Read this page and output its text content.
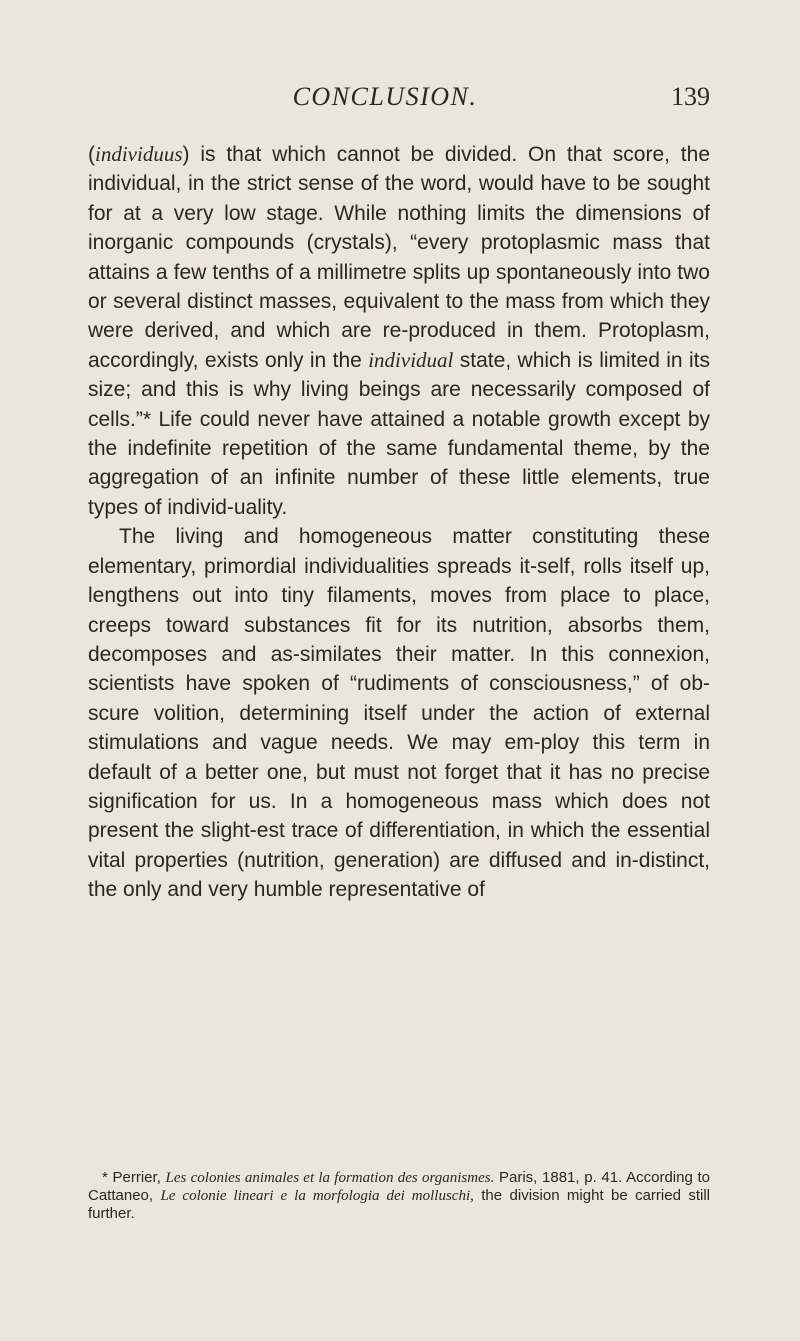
CONCLUSION.	139

(individuus) is that which cannot be divided. On that score, the individual, in the strict sense of the word, would have to be sought for at a very low stage. While nothing limits the dimensions of inorganic compounds (crystals), “every protoplasmic mass that attains a few tenths of a millimetre splits up spontaneously into two or several distinct masses, equivalent to the mass from which they were derived, and which are re-produced in them. Protoplasm, accordingly, exists only in the individual state, which is limited in its size; and this is why living beings are necessarily composed of cells.”* Life could never have attained a notable growth except by the indefinite repetition of the same fundamental theme, by the aggregation of an infinite number of these little elements, true types of individ-uality.

The living and homogeneous matter constituting these elementary, primordial individualities spreads it-self, rolls itself up, lengthens out into tiny filaments, moves from place to place, creeps toward substances fit for its nutrition, absorbs them, decomposes and as-similates their matter. In this connexion, scientists have spoken of “rudiments of consciousness,” of ob-scure volition, determining itself under the action of external stimulations and vague needs. We may em-ploy this term in default of a better one, but must not forget that it has no precise signification for us. In a homogeneous mass which does not present the slight-est trace of differentiation, in which the essential vital properties (nutrition, generation) are diffused and in-distinct, the only and very humble representative of

* Perrier, Les colonies animales et la formation des organismes. Paris, 1881, p. 41. According to Cattaneo, Le colonie lineari e la morfologia dei molluschi, the division might be carried still further.
